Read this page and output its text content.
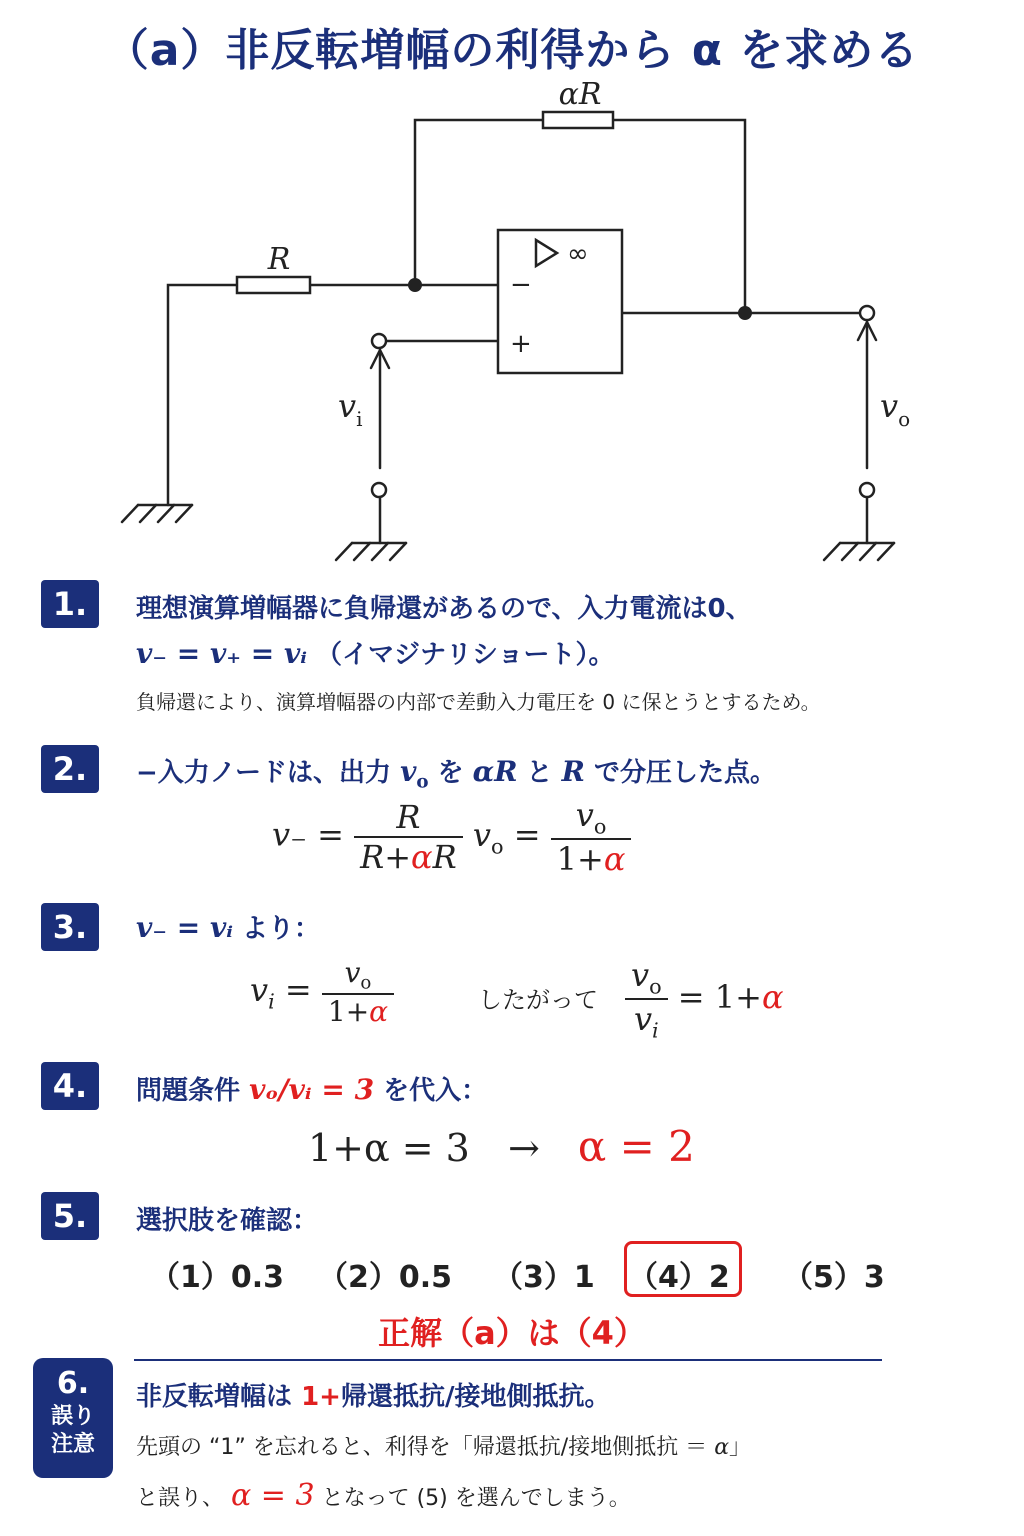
（a）非反転増幅の利得から α を求める
αR
R
$v_i$	$v_o$
∞
−
+
1.	理想演算増幅器に負帰還があるので、入力電流は0、
v₋ = v₊ = vᵢ （イマジナリショート）。
負帰還により、演算増幅器の内部で差動入力電圧を 0 に保とうとするため。
2.	−入力ノードは、出力 $v_o$ を αR と R で分圧した点。
$v_- = \frac{R}{R+\alpha R} v_o = \frac{v_o}{1+\alpha}$
3.	v₋ = vᵢ より：
$v_i = \frac{v_o}{1+\alpha}$	したがって $\frac{v_o}{v_i} = 1+\alpha$
4.	問題条件 vₒ/vᵢ = 3 を代入：
1+α = 3 → α = 2
5.	選択肢を確認：
（1）0.3 （2）0.5 （3）1 （4）2 （5）3
正解（a）は（4）
6.
誤り注意
非反転増幅は 1+帰還抵抗/接地側抵抗。
先頭の “1” を忘れると、利得を「帰還抵抗/接地側抵抗 ＝ α」
と誤り、 α = 3 となって (5) を選んでしまう。
